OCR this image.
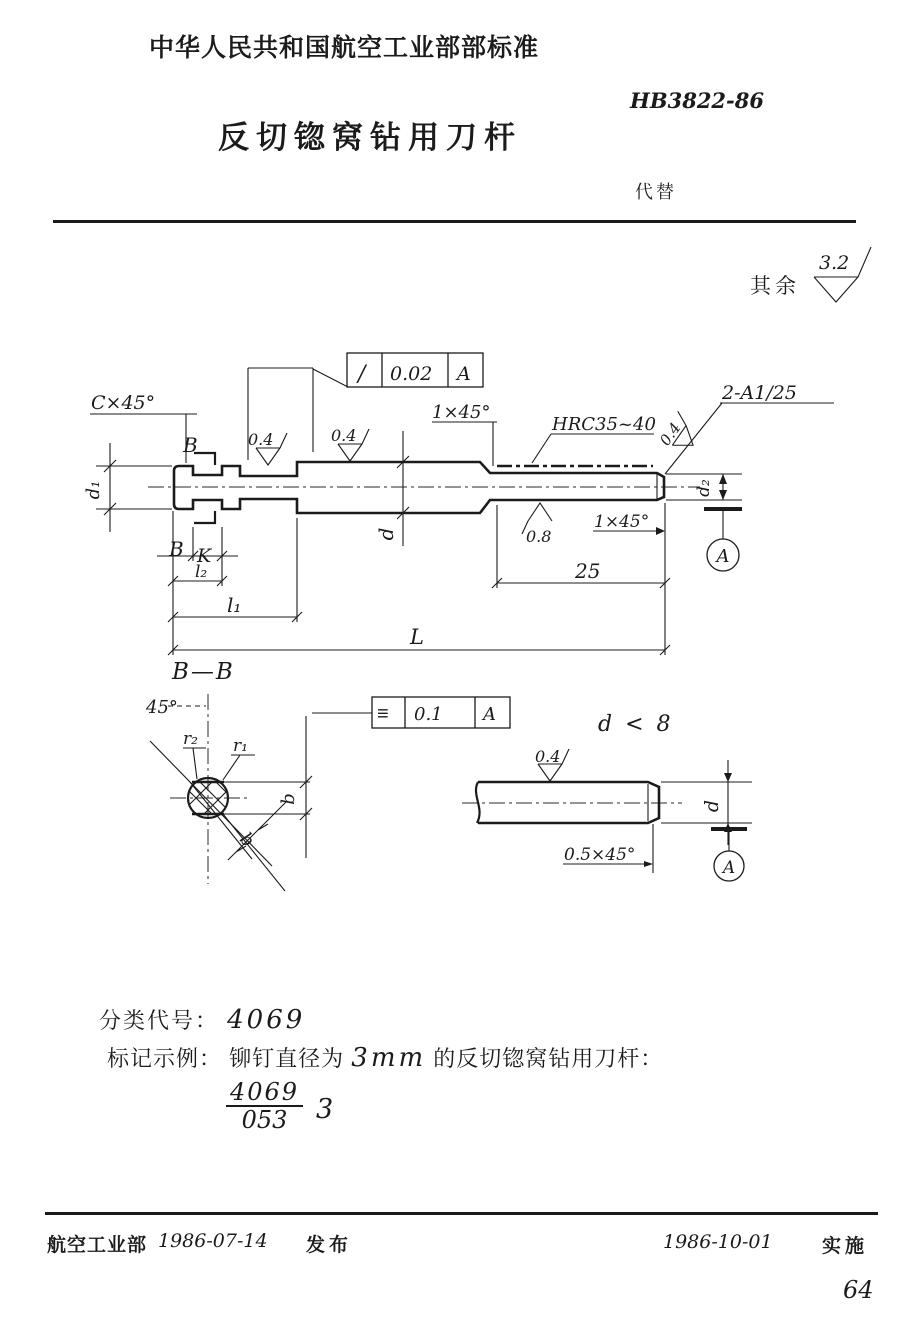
中华人民共和国航空工业部部标准
HB3822-86
反切锪窝钻用刀杆
代替
其余
3.2
C×45°
d₁
B
B K
l₂
l₁
L
25
/ 0.02 A
0.4	0.4	0.4
0.8
1×45°
HRC35~40
2-A1/25
d₂
A
1×45°
d
B—B
45°
r₂ r₁
b
b
≡ 0.1 A	d < 8
0.4
d
0.5×45°
A
分类代号： 4069
标记示例： 铆钉直径为 3mm 的反切锪窝钻用刀杆：
$\frac{4069}{053} 3$
航空工业部 1986-07-14 发布	1986-10-01	实施
64
